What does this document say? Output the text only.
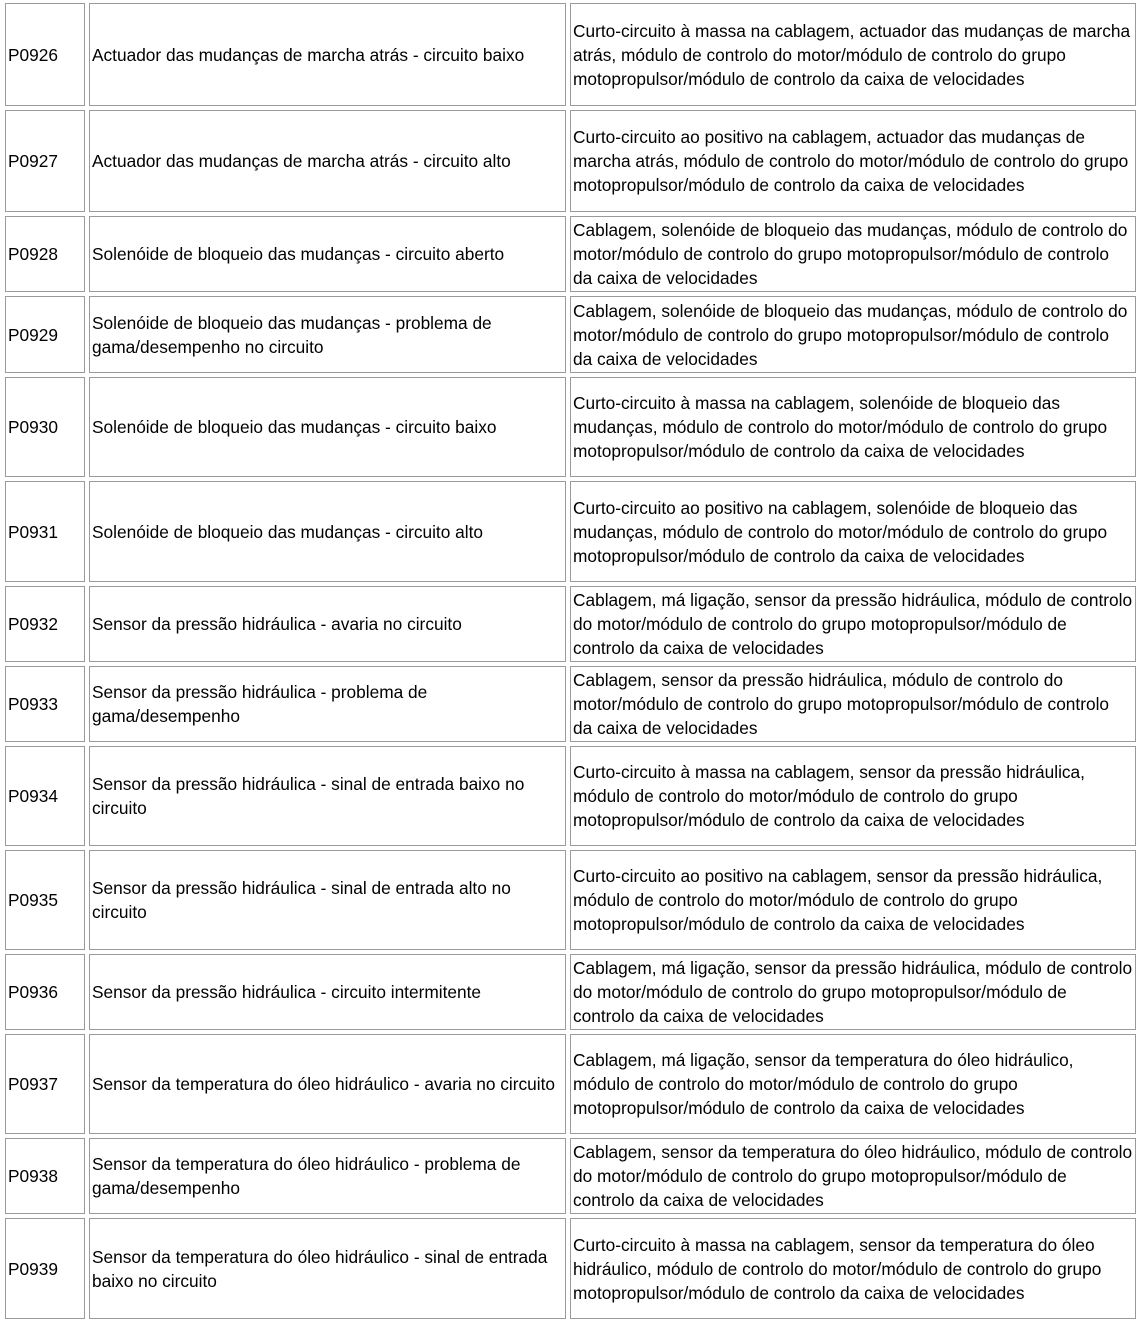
P0926	Actuador das mudanças de marcha atrás - circuito baixo	Curto-circuito à massa na cablagem, actuador das mudanças de marcha atrás, módulo de controlo do motor/módulo de controlo do grupo motopropulsor/módulo de controlo da caixa de velocidades
P0927	Actuador das mudanças de marcha atrás - circuito alto	Curto-circuito ao positivo na cablagem, actuador das mudanças de marcha atrás, módulo de controlo do motor/módulo de controlo do grupo motopropulsor/módulo de controlo da caixa de velocidades
P0928	Solenóide de bloqueio das mudanças - circuito aberto	Cablagem, solenóide de bloqueio das mudanças, módulo de controlo do motor/módulo de controlo do grupo motopropulsor/módulo de controlo da caixa de velocidades
P0929	Solenóide de bloqueio das mudanças - problema de gama/desempenho no circuito	Cablagem, solenóide de bloqueio das mudanças, módulo de controlo do motor/módulo de controlo do grupo motopropulsor/módulo de controlo da caixa de velocidades
P0930	Solenóide de bloqueio das mudanças - circuito baixo	Curto-circuito à massa na cablagem, solenóide de bloqueio das mudanças, módulo de controlo do motor/módulo de controlo do grupo motopropulsor/módulo de controlo da caixa de velocidades
P0931	Solenóide de bloqueio das mudanças - circuito alto	Curto-circuito ao positivo na cablagem, solenóide de bloqueio das mudanças, módulo de controlo do motor/módulo de controlo do grupo motopropulsor/módulo de controlo da caixa de velocidades
P0932	Sensor da pressão hidráulica - avaria no circuito	Cablagem, má ligação, sensor da pressão hidráulica, módulo de controlo do motor/módulo de controlo do grupo motopropulsor/módulo de controlo da caixa de velocidades
P0933	Sensor da pressão hidráulica - problema de gama/desempenho	Cablagem, sensor da pressão hidráulica, módulo de controlo do motor/módulo de controlo do grupo motopropulsor/módulo de controlo da caixa de velocidades
P0934	Sensor da pressão hidráulica - sinal de entrada baixo no circuito	Curto-circuito à massa na cablagem, sensor da pressão hidráulica, módulo de controlo do motor/módulo de controlo do grupo motopropulsor/módulo de controlo da caixa de velocidades
P0935	Sensor da pressão hidráulica - sinal de entrada alto no circuito	Curto-circuito ao positivo na cablagem, sensor da pressão hidráulica, módulo de controlo do motor/módulo de controlo do grupo motopropulsor/módulo de controlo da caixa de velocidades
P0936	Sensor da pressão hidráulica - circuito intermitente	Cablagem, má ligação, sensor da pressão hidráulica, módulo de controlo do motor/módulo de controlo do grupo motopropulsor/módulo de controlo da caixa de velocidades
P0937	Sensor da temperatura do óleo hidráulico - avaria no circuito	Cablagem, má ligação, sensor da temperatura do óleo hidráulico, módulo de controlo do motor/módulo de controlo do grupo motopropulsor/módulo de controlo da caixa de velocidades
P0938	Sensor da temperatura do óleo hidráulico - problema de gama/desempenho	Cablagem, sensor da temperatura do óleo hidráulico, módulo de controlo do motor/módulo de controlo do grupo motopropulsor/módulo de controlo da caixa de velocidades
P0939	Sensor da temperatura do óleo hidráulico - sinal de entrada baixo no circuito	Curto-circuito à massa na cablagem, sensor da temperatura do óleo hidráulico, módulo de controlo do motor/módulo de controlo do grupo motopropulsor/módulo de controlo da caixa de velocidades
